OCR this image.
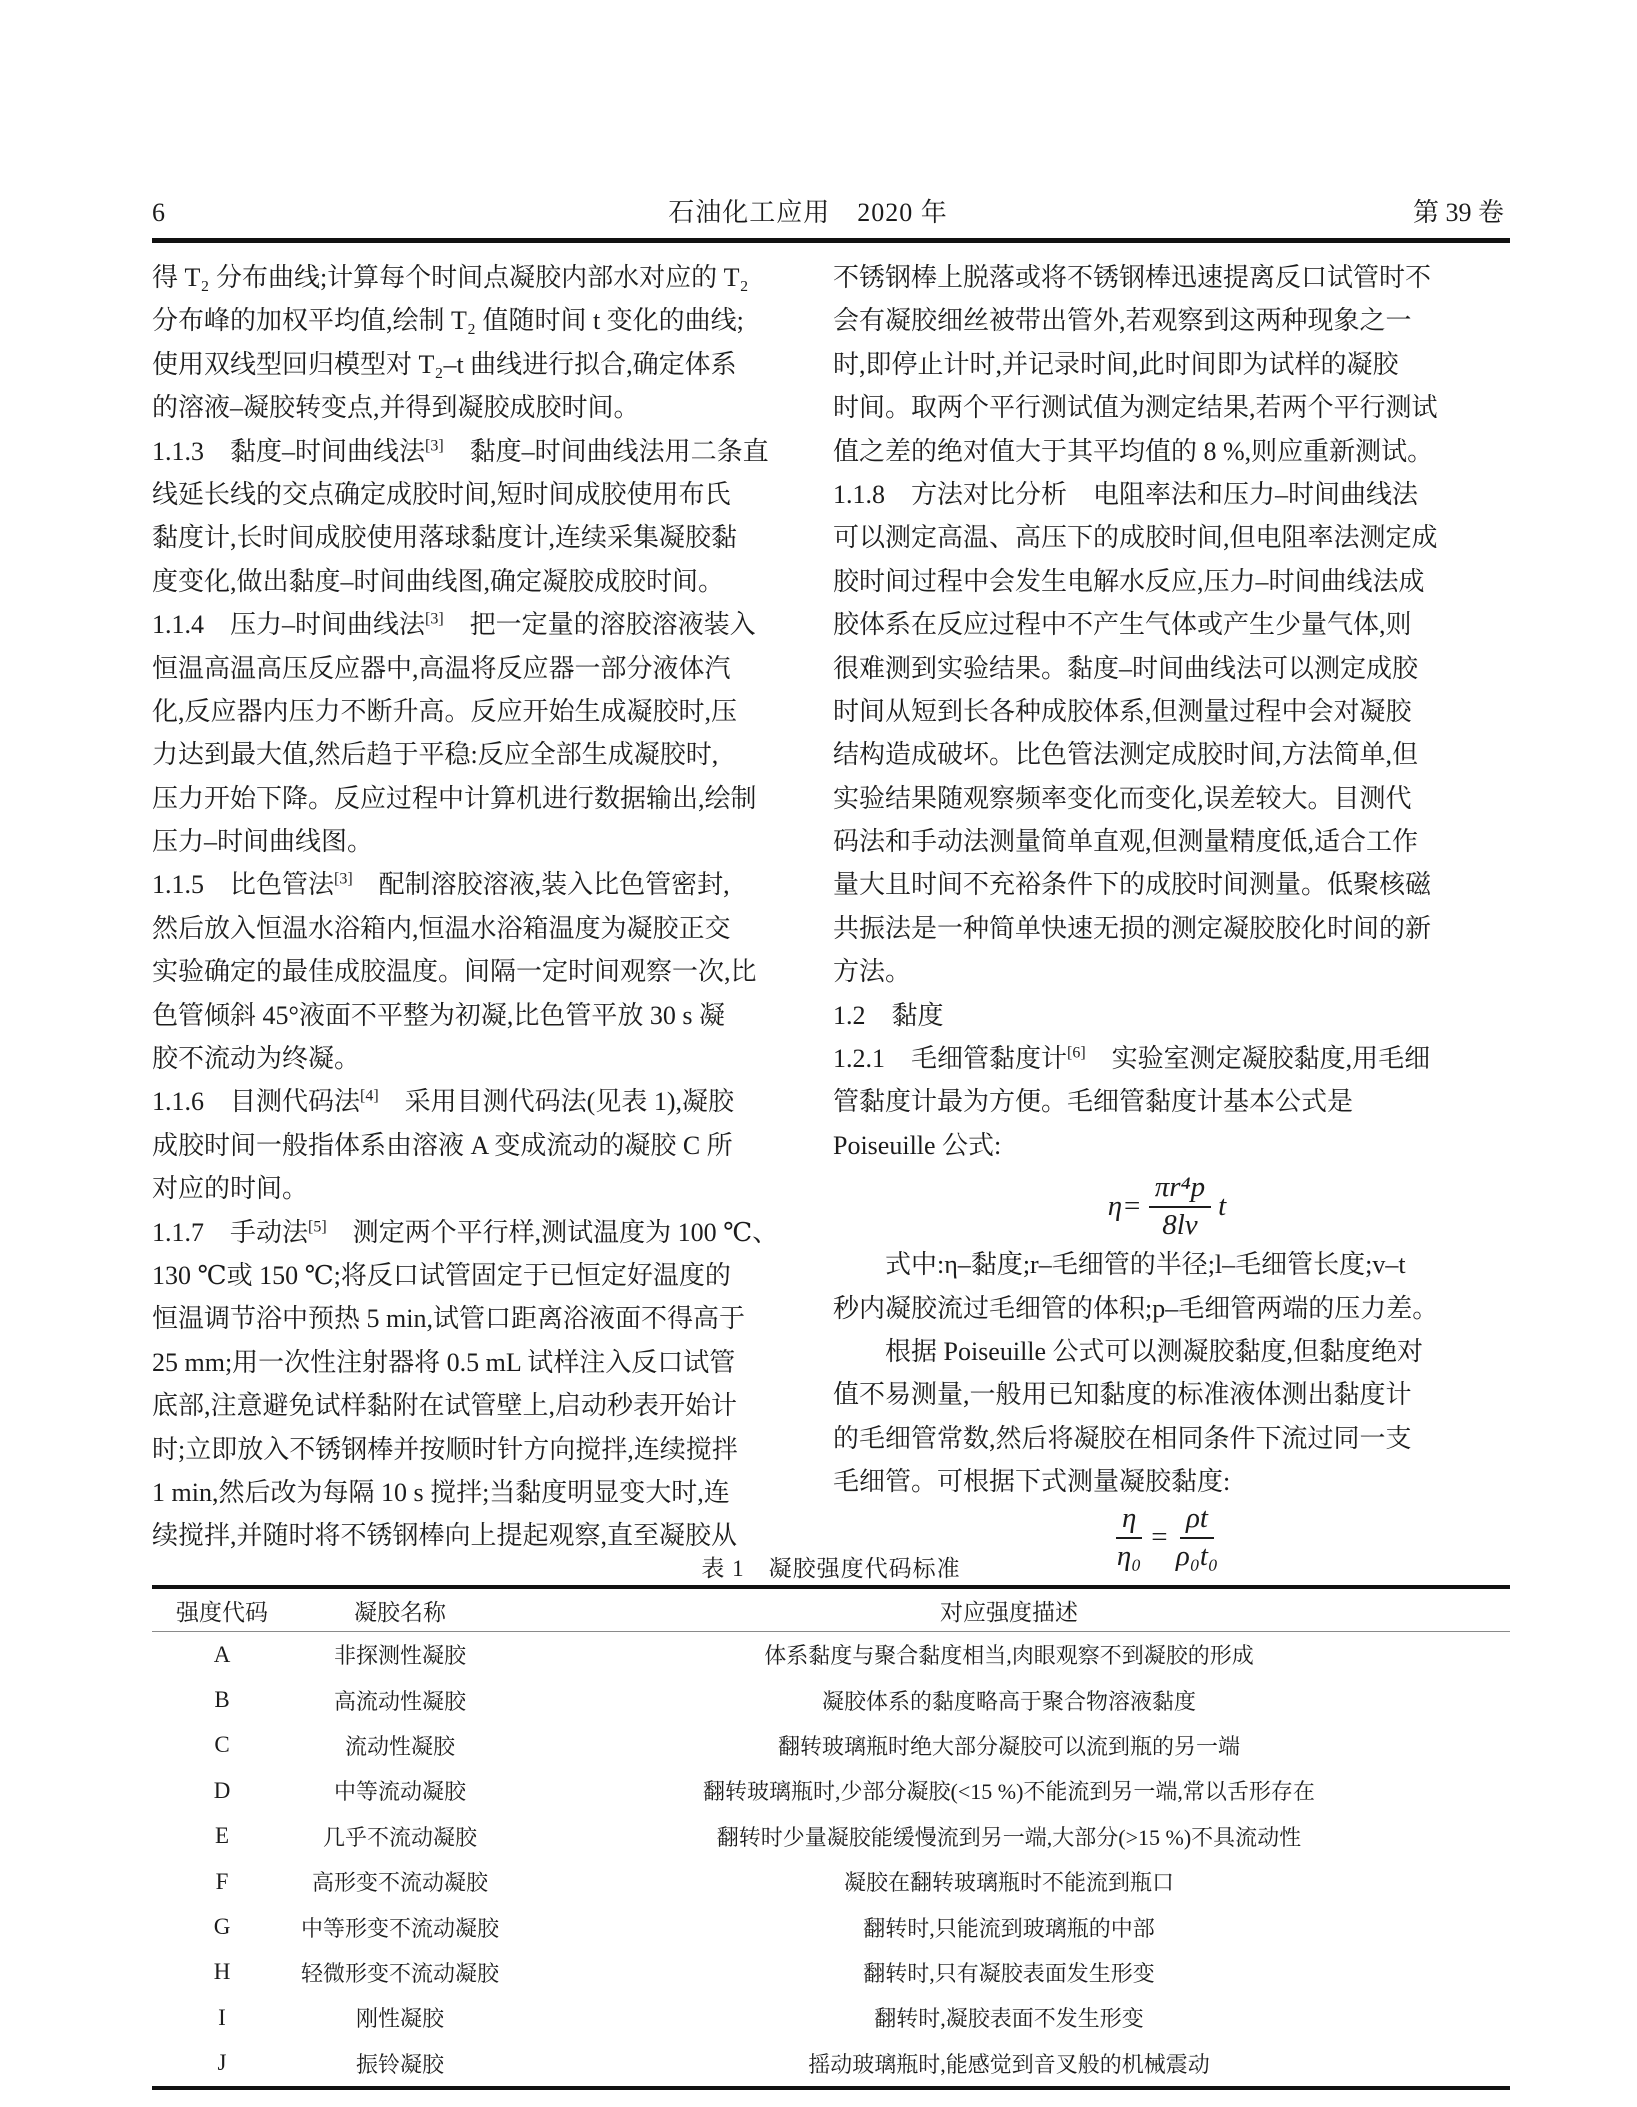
6	石油化工应用　2020 年	第 39 卷
得 T₂ 分布曲线;计算每个时间点凝胶内部水对应的 T₂
分布峰的加权平均值,绘制 T₂ 值随时间 t 变化的曲线;
使用双线型回归模型对 T₂–t 曲线进行拟合,确定体系
的溶液–凝胶转变点,并得到凝胶成胶时间。
1.1.3　黏度–时间曲线法[3]　黏度–时间曲线法用二条直
线延长线的交点确定成胶时间,短时间成胶使用布氏
黏度计,长时间成胶使用落球黏度计,连续采集凝胶黏
度变化,做出黏度–时间曲线图,确定凝胶成胶时间。
1.1.4　压力–时间曲线法[3]　把一定量的溶胶溶液装入
恒温高温高压反应器中,高温将反应器一部分液体汽
化,反应器内压力不断升高。反应开始生成凝胶时,压
力达到最大值,然后趋于平稳:反应全部生成凝胶时,
压力开始下降。反应过程中计算机进行数据输出,绘制
压力–时间曲线图。
1.1.5　比色管法[3]　配制溶胶溶液,装入比色管密封,
然后放入恒温水浴箱内,恒温水浴箱温度为凝胶正交
实验确定的最佳成胶温度。间隔一定时间观察一次,比
色管倾斜 45°液面不平整为初凝,比色管平放 30 s 凝
胶不流动为终凝。
1.1.6　目测代码法[4]　采用目测代码法(见表 1),凝胶
成胶时间一般指体系由溶液 A 变成流动的凝胶 C 所
对应的时间。
1.1.7　手动法[5]　测定两个平行样,测试温度为 100 ℃、
130 ℃或 150 ℃;将反口试管固定于已恒定好温度的
恒温调节浴中预热 5 min,试管口距离浴液面不得高于
25 mm;用一次性注射器将 0.5 mL 试样注入反口试管
底部,注意避免试样黏附在试管壁上,启动秒表开始计
时;立即放入不锈钢棒并按顺时针方向搅拌,连续搅拌
1 min,然后改为每隔 10 s 搅拌;当黏度明显变大时,连
续搅拌,并随时将不锈钢棒向上提起观察,直至凝胶从
不锈钢棒上脱落或将不锈钢棒迅速提离反口试管时不
会有凝胶细丝被带出管外,若观察到这两种现象之一
时,即停止计时,并记录时间,此时间即为试样的凝胶
时间。取两个平行测试值为测定结果,若两个平行测试
值之差的绝对值大于其平均值的 8 %,则应重新测试。
1.1.8　方法对比分析　电阻率法和压力–时间曲线法
可以测定高温、高压下的成胶时间,但电阻率法测定成
胶时间过程中会发生电解水反应,压力–时间曲线法成
胶体系在反应过程中不产生气体或产生少量气体,则
很难测到实验结果。黏度–时间曲线法可以测定成胶
时间从短到长各种成胶体系,但测量过程中会对凝胶
结构造成破坏。比色管法测定成胶时间,方法简单,但
实验结果随观察频率变化而变化,误差较大。目测代
码法和手动法测量简单直观,但测量精度低,适合工作
量大且时间不充裕条件下的成胶时间测量。低聚核磁
共振法是一种简单快速无损的测定凝胶胶化时间的新
方法。
1.2　黏度
1.2.1　毛细管黏度计[6]　实验室测定凝胶黏度,用毛细
管黏度计最为方便。毛细管黏度计基本公式是
Poiseuille 公式:
$\eta= \frac{\text{πr⁴p}}{8lv}$ t
　　式中:η–黏度;r–毛细管的半径;l–毛细管长度;v–t
秒内凝胶流过毛细管的体积;p–毛细管两端的压力差。
　　根据 Poiseuille 公式可以测凝胶黏度,但黏度绝对
值不易测量,一般用已知黏度的标准液体测出黏度计
的毛细管常数,然后将凝胶在相同条件下流过同一支
毛细管。可根据下式测量凝胶黏度:
$\frac{\eta}{\text{η₀}} = \frac{\rho t}{\text{ρ₀t₀}}$
表 1　凝胶强度代码标准
强度代码	凝胶名称	对应强度描述
A	非探测性凝胶	体系黏度与聚合黏度相当,肉眼观察不到凝胶的形成
B	高流动性凝胶	凝胶体系的黏度略高于聚合物溶液黏度
C	流动性凝胶	翻转玻璃瓶时绝大部分凝胶可以流到瓶的另一端
D	中等流动凝胶	翻转玻璃瓶时,少部分凝胶(<15 %)不能流到另一端,常以舌形存在
E	几乎不流动凝胶	翻转时少量凝胶能缓慢流到另一端,大部分(>15 %)不具流动性
F	高形变不流动凝胶	凝胶在翻转玻璃瓶时不能流到瓶口
G	中等形变不流动凝胶	翻转时,只能流到玻璃瓶的中部
H	轻微形变不流动凝胶	翻转时,只有凝胶表面发生形变
I	刚性凝胶	翻转时,凝胶表面不发生形变
J	振铃凝胶	摇动玻璃瓶时,能感觉到音叉般的机械震动
